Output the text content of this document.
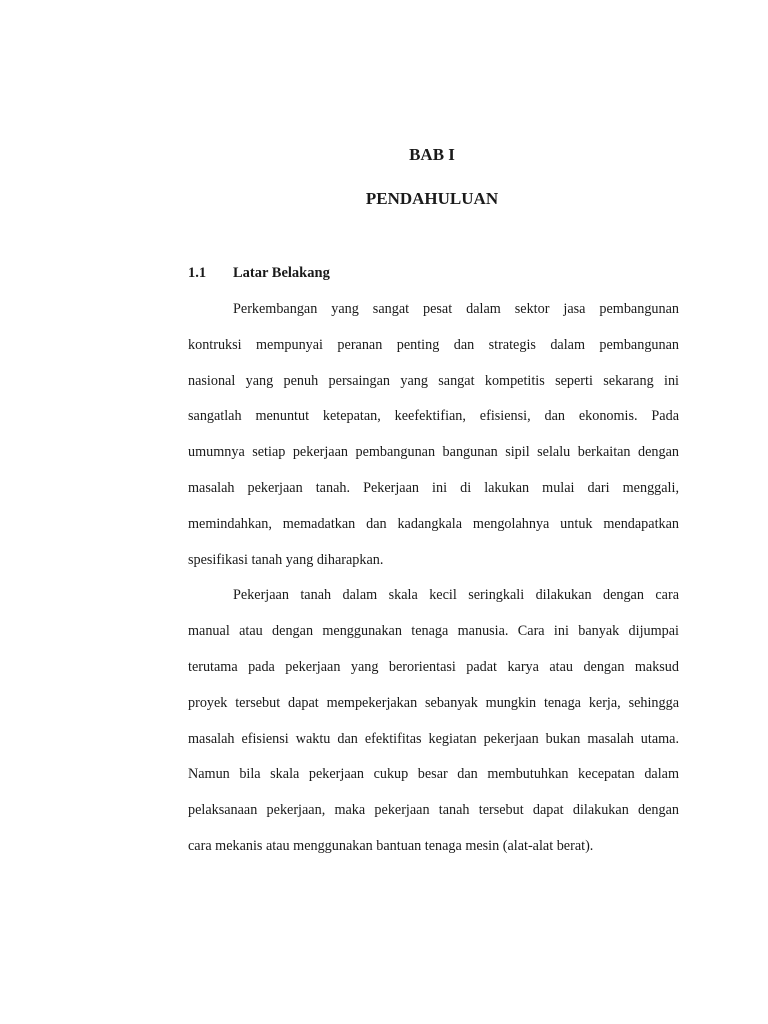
BAB I
PENDAHULUAN
1.1 Latar Belakang
Perkembangan yang sangat pesat dalam sektor jasa pembangunan
kontruksi mempunyai peranan penting dan strategis dalam pembangunan
nasional yang penuh persaingan yang sangat kompetitis seperti sekarang ini
sangatlah menuntut ketepatan, keefektifian, efisiensi, dan ekonomis. Pada
umumnya setiap pekerjaan pembangunan bangunan sipil selalu berkaitan dengan
masalah pekerjaan tanah. Pekerjaan ini di lakukan mulai dari menggali,
memindahkan, memadatkan dan kadangkala mengolahnya untuk mendapatkan
spesifikasi tanah yang diharapkan.
Pekerjaan tanah dalam skala kecil seringkali dilakukan dengan cara
manual atau dengan menggunakan tenaga manusia. Cara ini banyak dijumpai
terutama pada pekerjaan yang berorientasi padat karya atau dengan maksud
proyek tersebut dapat mempekerjakan sebanyak mungkin tenaga kerja, sehingga
masalah efisiensi waktu dan efektifitas kegiatan pekerjaan bukan masalah utama.
Namun bila skala pekerjaan cukup besar dan membutuhkan kecepatan dalam
pelaksanaan pekerjaan, maka pekerjaan tanah tersebut dapat dilakukan dengan
cara mekanis atau menggunakan bantuan tenaga mesin (alat-alat berat).
